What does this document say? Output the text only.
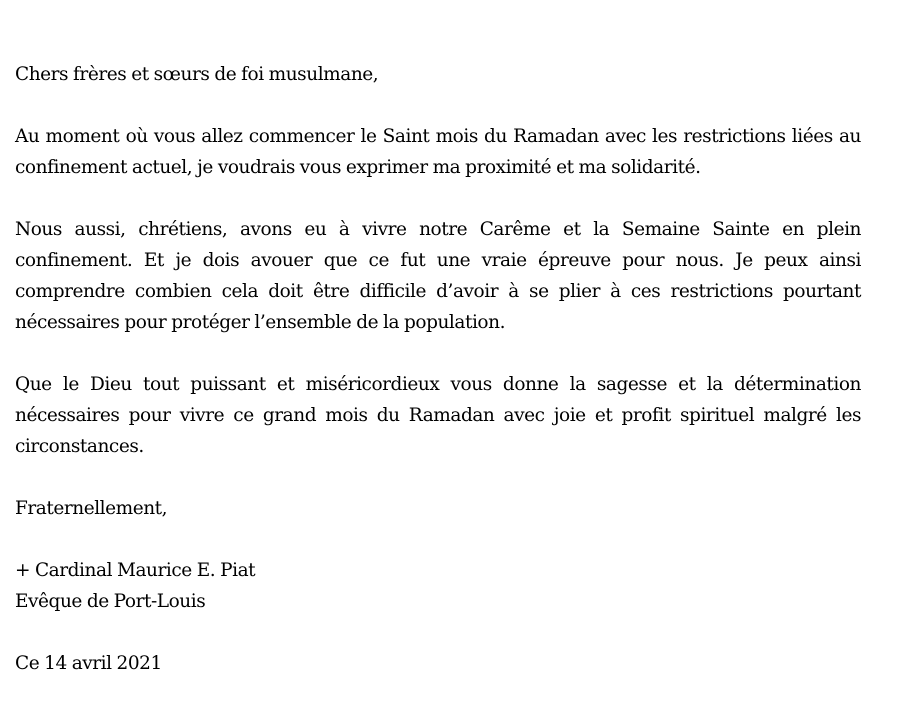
Chers frères et sœurs de foi musulmane,

Au moment où vous allez commencer le Saint mois du Ramadan avec les restrictions liées au confinement actuel, je voudrais vous exprimer ma proximité et ma solidarité.

Nous aussi, chrétiens, avons eu à vivre notre Carême et la Semaine Sainte en plein confinement. Et je dois avouer que ce fut une vraie épreuve pour nous. Je peux ainsi comprendre combien cela doit être difficile d’avoir à se plier à ces restrictions pourtant nécessaires pour protéger l’ensemble de la population.

Que le Dieu tout puissant et miséricordieux vous donne la sagesse et la détermination nécessaires pour vivre ce grand mois du Ramadan avec joie et profit spirituel malgré les circonstances.

Fraternellement,

+ Cardinal Maurice E. Piat
Evêque de Port-Louis

Ce 14 avril 2021
